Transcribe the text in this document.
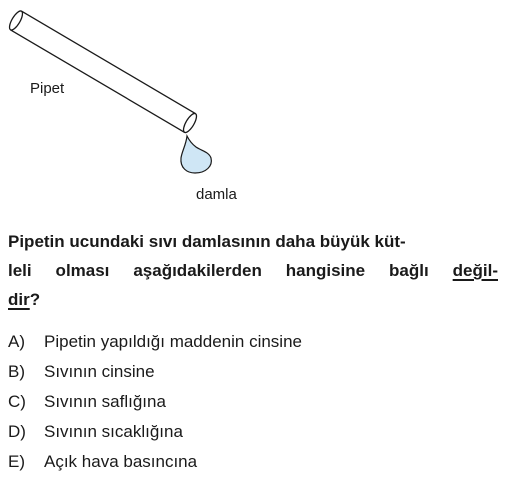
Pipet
damla

Pipetin ucundaki sıvı damlasının daha büyük küt-
leli olması aşağıdakilerden hangisine bağlı değil-
dir?

A) Pipetin yapıldığı maddenin cinsine
B) Sıvının cinsine
C) Sıvının saflığına
D) Sıvının sıcaklığına
E) Açık hava basıncına
